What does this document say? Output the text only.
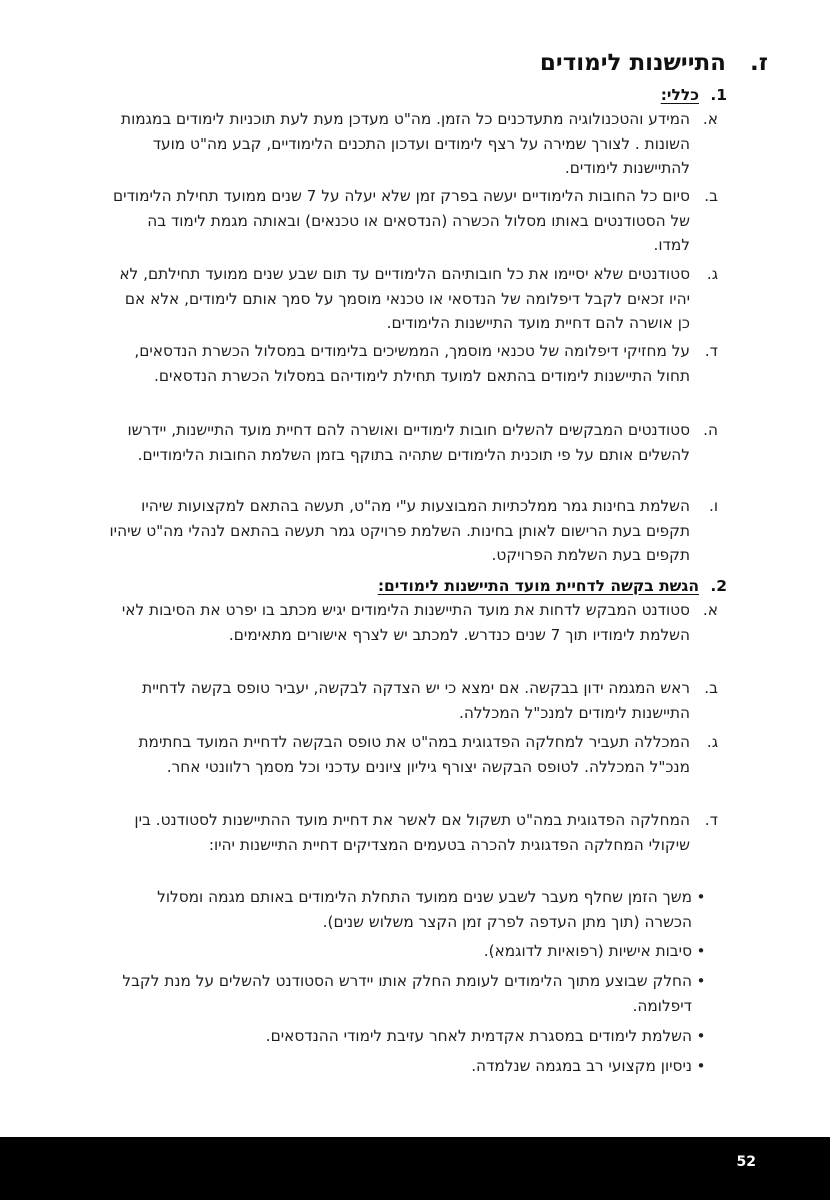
ז.
התיישנות לימודים
1.
כללי:
א.
המידע והטכנולוגיה מתעדכנים כל הזמן. מה"ט מעדכן מעת לעת תוכניות לימודים במגמות השונות . לצורך שמירה על רצף לימודים ועדכון התכנים הלימודיים, קבע מה"ט מועד להתיישנות לימודים.
ב.
סיום כל החובות הלימודיים יעשה בפרק זמן שלא יעלה על 7 שנים ממועד תחילת הלימודים של הסטודנטים באותו מסלול הכשרה (הנדסאים או טכנאים) ובאותה מגמת לימוד בה למדו.
ג.
סטודנטים שלא יסיימו את כל חובותיהם הלימודיים עד תום שבע שנים ממועד תחילתם, לא יהיו זכאים לקבל דיפלומה של הנדסאי או טכנאי מוסמך על סמך אותם לימודים, אלא אם כן אושרה להם דחיית מועד התיישנות הלימודים.
ד.
על מחזיקי דיפלומה של טכנאי מוסמך, הממשיכים בלימודים במסלול הכשרת הנדסאים, תחול התיישנות לימודים בהתאם למועד תחילת לימודיהם במסלול הכשרת הנדסאים.
ה.
סטודנטים המבקשים להשלים חובות לימודיים ואושרה להם דחיית מועד התיישנות, יידרשו להשלים אותם על פי תוכנית הלימודים שתהיה בתוקף בזמן השלמת החובות הלימודיים.
ו.
השלמת בחינות גמר ממלכתיות המבוצעות ע"י מה"ט, תעשה בהתאם למקצועות שיהיו תקפים בעת הרישום לאותן בחינות. השלמת פרויקט גמר תעשה בהתאם לנהלי מה"ט שיהיו תקפים בעת השלמת הפרויקט.
2.
הגשת בקשה לדחיית מועד התיישנות לימודים:
א.
סטודנט המבקש לדחות את מועד התיישנות הלימודים יגיש מכתב בו יפרט את הסיבות לאי השלמת לימודיו תוך 7 שנים כנדרש. למכתב יש לצרף אישורים מתאימים.
ב.
ראש המגמה ידון בבקשה. אם ימצא כי יש הצדקה לבקשה, יעביר טופס בקשה לדחיית התיישנות לימודים למנכ"ל המכללה.
ג.
המכללה תעביר למחלקה הפדגוגית במה"ט את טופס הבקשה לדחיית המועד בחתימת מנכ"ל המכללה. לטופס הבקשה יצורף גיליון ציונים עדכני וכל מסמך רלוונטי אחר.
ד.
המחלקה הפדגוגית במה"ט תשקול אם לאשר את דחיית מועד ההתיישנות לסטודנט. בין שיקולי המחלקה הפדגוגית להכרה בטעמים המצדיקים דחיית התיישנות יהיו:
•
משך הזמן שחלף מעבר לשבע שנים ממועד התחלת הלימודים באותם מגמה ומסלול הכשרה (תוך מתן העדפה לפרק זמן הקצר משלוש שנים).
•
סיבות אישיות (רפואיות לדוגמא).
•
החלק שבוצע מתוך הלימודים לעומת החלק אותו יידרש הסטודנט להשלים על מנת לקבל דיפלומה.
•
השלמת לימודים במסגרת אקדמית לאחר עזיבת לימודי ההנדסאים.
•
ניסיון מקצועי רב במגמה שנלמדה.
52
